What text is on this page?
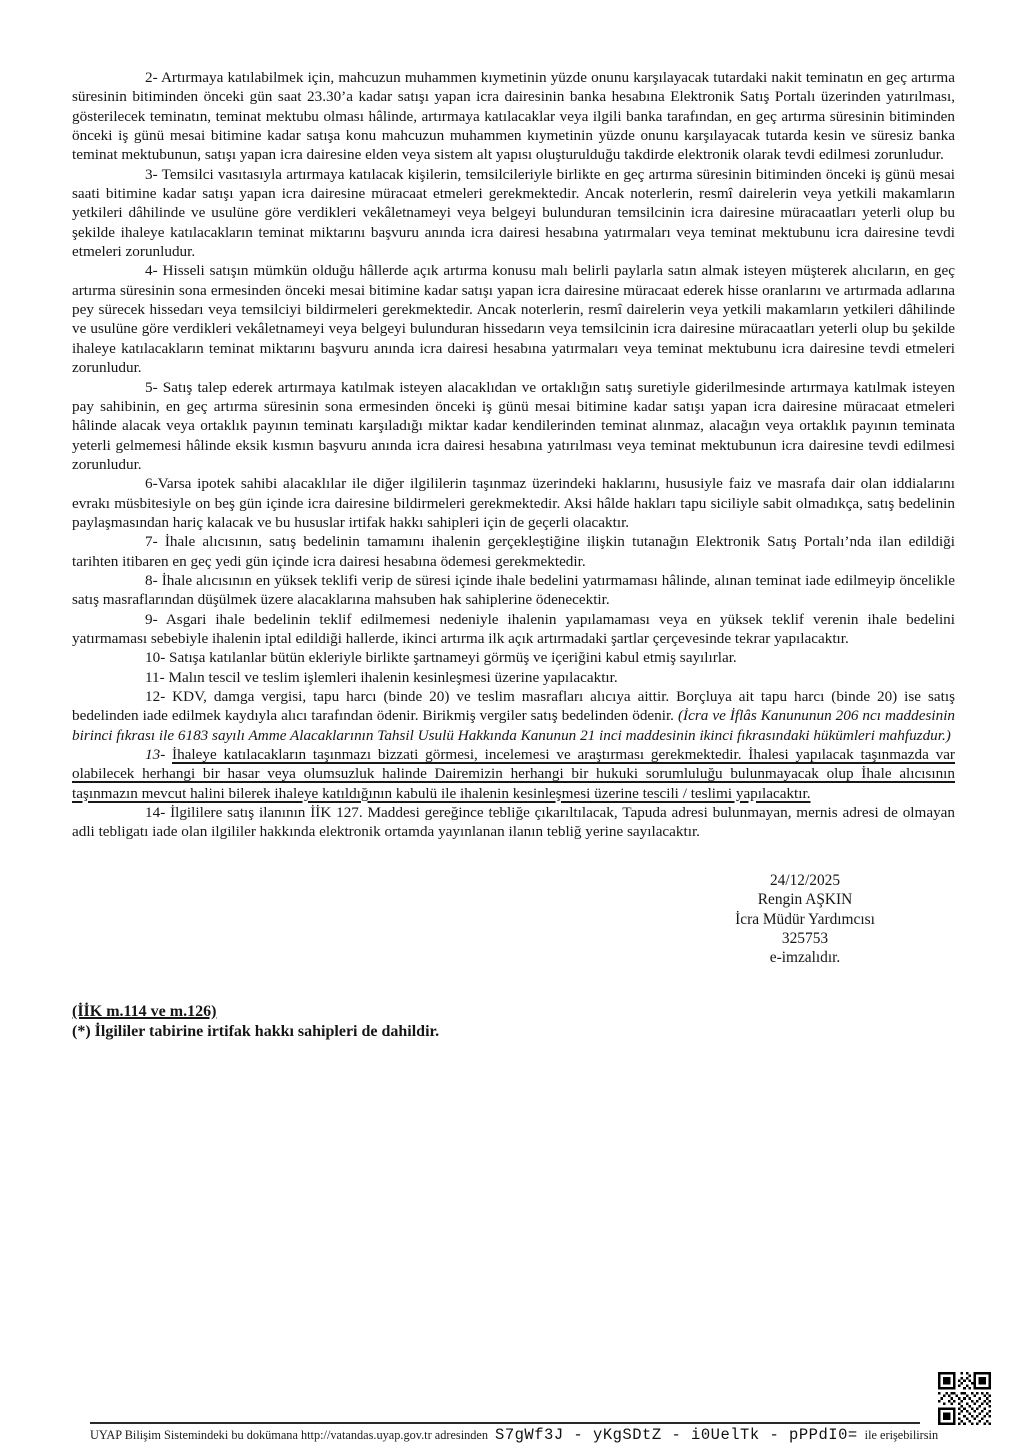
2- Artırmaya katılabilmek için, mahcuzun muhammen kıymetinin yüzde onunu karşılayacak tutardaki nakit teminatın en geç artırma süresinin bitiminden önceki gün saat 23.30’a kadar satışı yapan icra dairesinin banka hesabına Elektronik Satış Portalı üzerinden yatırılması, gösterilecek teminatın, teminat mektubu olması hâlinde, artırmaya katılacaklar veya ilgili banka tarafından, en geç artırma süresinin bitiminden önceki iş günü mesai bitimine kadar satışa konu mahcuzun muhammen kıymetinin yüzde onunu karşılayacak tutarda kesin ve süresiz banka teminat mektubunun, satışı yapan icra dairesine elden veya sistem alt yapısı oluşturulduğu takdirde elektronik olarak tevdi edilmesi zorunludur.

3- Temsilci vasıtasıyla artırmaya katılacak kişilerin, temsilcileriyle birlikte en geç artırma süresinin bitiminden önceki iş günü mesai saati bitimine kadar satışı yapan icra dairesine müracaat etmeleri gerekmektedir. Ancak noterlerin, resmî dairelerin veya yetkili makamların yetkileri dâhilinde ve usulüne göre verdikleri vekâletnameyi veya belgeyi bulunduran temsilcinin icra dairesine müracaatları yeterli olup bu şekilde ihaleye katılacakların teminat miktarını başvuru anında icra dairesi hesabına yatırmaları veya teminat mektubunu icra dairesine tevdi etmeleri zorunludur.

4- Hisseli satışın mümkün olduğu hâllerde açık artırma konusu malı belirli paylarla satın almak isteyen müşterek alıcıların, en geç artırma süresinin sona ermesinden önceki mesai bitimine kadar satışı yapan icra dairesine müracaat ederek hisse oranlarını ve artırmada adlarına pey sürecek hissedarı veya temsilciyi bildirmeleri gerekmektedir. Ancak noterlerin, resmî dairelerin veya yetkili makamların yetkileri dâhilinde ve usulüne göre verdikleri vekâletnameyi veya belgeyi bulunduran hissedarın veya temsilcinin icra dairesine müracaatları yeterli olup bu şekilde ihaleye katılacakların teminat miktarını başvuru anında icra dairesi hesabına yatırmaları veya teminat mektubunu icra dairesine tevdi etmeleri zorunludur.

5- Satış talep ederek artırmaya katılmak isteyen alacaklıdan ve ortaklığın satış suretiyle giderilmesinde artırmaya katılmak isteyen pay sahibinin, en geç artırma süresinin sona ermesinden önceki iş günü mesai bitimine kadar satışı yapan icra dairesine müracaat etmeleri hâlinde alacak veya ortaklık payının teminatı karşıladığı miktar kadar kendilerinden teminat alınmaz, alacağın veya ortaklık payının teminata yeterli gelmemesi hâlinde eksik kısmın başvuru anında icra dairesi hesabına yatırılması veya teminat mektubunun icra dairesine tevdi edilmesi zorunludur.

6-Varsa ipotek sahibi alacaklılar ile diğer ilgililerin taşınmaz üzerindeki haklarını, hususiyle faiz ve masrafa dair olan iddialarını evrakı müsbitesiyle on beş gün içinde icra dairesine bildirmeleri gerekmektedir. Aksi hâlde hakları tapu siciliyle sabit olmadıkça, satış bedelinin paylaşmasından hariç kalacak ve bu hususlar irtifak hakkı sahipleri için de geçerli olacaktır.

7- İhale alıcısının, satış bedelinin tamamını ihalenin gerçekleştiğine ilişkin tutanağın Elektronik Satış Portalı’nda ilan edildiği tarihten itibaren en geç yedi gün içinde icra dairesi hesabına ödemesi gerekmektedir.

8- İhale alıcısının en yüksek teklifi verip de süresi içinde ihale bedelini yatırmaması hâlinde, alınan teminat iade edilmeyip öncelikle satış masraflarından düşülmek üzere alacaklarına mahsuben hak sahiplerine ödenecektir.

9- Asgari ihale bedelinin teklif edilmemesi nedeniyle ihalenin yapılamaması veya en yüksek teklif verenin ihale bedelini yatırmaması sebebiyle ihalenin iptal edildiği hallerde, ikinci artırma ilk açık artırmadaki şartlar çerçevesinde tekrar yapılacaktır.

10- Satışa katılanlar bütün ekleriyle birlikte şartnameyi görmüş ve içeriğini kabul etmiş sayılırlar.

11- Malın tescil ve teslim işlemleri ihalenin kesinleşmesi üzerine yapılacaktır.

12- KDV, damga vergisi, tapu harcı (binde 20) ve teslim masrafları alıcıya aittir. Borçluya ait tapu harcı (binde 20) ise satış bedelinden iade edilmek kaydıyla alıcı tarafından ödenir. Birikmiş vergiler satış bedelinden ödenir. (İcra ve İflâs Kanununun 206 ncı maddesinin birinci fıkrası ile 6183 sayılı Amme Alacaklarının Tahsil Usulü Hakkında Kanunun 21 inci maddesinin ikinci fıkrasındaki hükümleri mahfuzdur.)

13- İhaleye katılacakların taşınmazı bizzati görmesi, incelemesi ve araştırması gerekmektedir. İhalesi yapılacak taşınmazda var olabilecek herhangi bir hasar veya olumsuzluk halinde Dairemizin herhangi bir hukuki sorumluluğu bulunmayacak olup İhale alıcısının taşınmazın mevcut halini bilerek ihaleye katıldığının kabulü ile ihalenin kesinleşmesi üzerine tescili / teslimi yapılacaktır.

14- İlgililere satış ilanının İİK 127. Maddesi gereğince tebliğe çıkarıltılacak, Tapuda adresi bulunmayan, mernis adresi de olmayan adli tebligatı iade olan ilgililer hakkında elektronik ortamda yayınlanan ilanın tebliğ yerine sayılacaktır.

24/12/2025
Rengin AŞKIN
İcra Müdür Yardımcısı
325753
e-imzalıdır.
(İİK m.114 ve m.126)
(*) İlgililer tabirine irtifak hakkı sahipleri de dahildir.
UYAP Bilişim Sistemindeki bu dokümana http://vatandas.uyap.gov.tr adresinden S7gWf3J - yKgSDtZ - i0UelTk - pPPdI0= ile erişebilirsin
